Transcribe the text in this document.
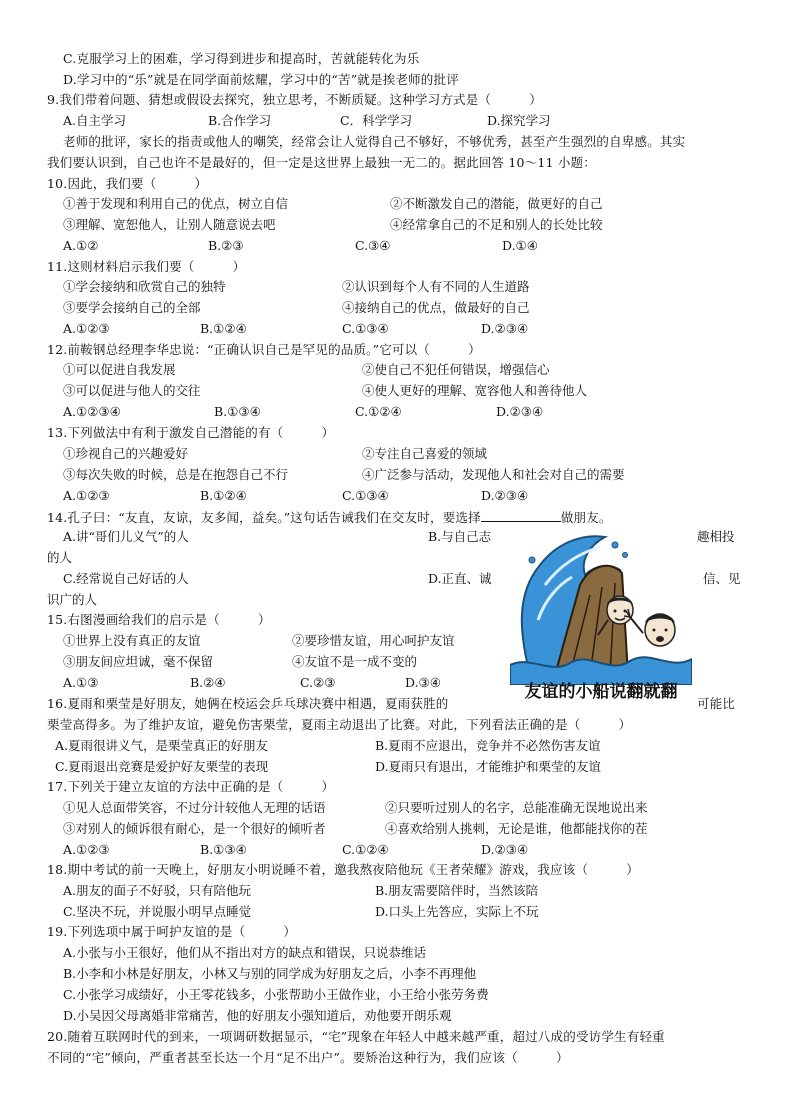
C.克服学习上的困难，学习得到进步和提高时，苦就能转化为乐
D.学习中的“乐”就是在同学面前炫耀，学习中的“苦”就是挨老师的批评
9.我们带着问题、猜想或假设去探究，独立思考，不断质疑。这种学习方式是（　　　）
A.自主学习	B.合作学习	C．科学学习	D.探究学习
老师的批评，家长的指责或他人的嘲笑，经常会让人觉得自己不够好，不够优秀，甚至产生强烈的自卑感。其实
我们要认识到，自己也许不是最好的，但一定是这世界上最独一无二的。据此回答 10～11 小题：
10.因此，我们要（　　　）
①善于发现和利用自己的优点，树立自信	②不断激发自己的潜能，做更好的自己
③理解、宽恕他人，让别人随意说去吧	④经常拿自己的不足和别人的长处比较
A.①②	B.②③	C.③④	D.①④
11.这则材料启示我们要（　　　）
①学会接纳和欣赏自己的独特	②认识到每个人有不同的人生道路
③要学会接纳自己的全部	④接纳自己的优点，做最好的自己
A.①②③	B.①②④	C.①③④	D.②③④
12.前鞍钢总经理李华忠说：“正确认识自己是罕见的品质。”它可以（　　　）
①可以促进自我发展	②使自己不犯任何错误，增强信心
③可以促进与他人的交往	④使人更好的理解、宽容他人和善待他人
A.①②③④	B.①③④	C.①②④	D.②③④
13.下列做法中有利于激发自己潜能的有（　　　）
①珍视自己的兴趣爱好	②专注自己喜爱的领域
③每次失败的时候，总是在抱怨自己不行	④广泛参与活动，发现他人和社会对自己的需要
A.①②③	B.①②④	C.①③④	D.②③④
14.孔子曰：“友直，友谅，友多闻，益矣。”这句话告诫我们在交友时，要选择	做朋友。
A.讲“哥们儿义气”的人	B.与自己志	趣相投
的人
C.经常说自己好话的人	D.正直、诚	信、见
识广的人
15.右图漫画给我们的启示是（　　　）
①世界上没有真正的友谊	②要珍惜友谊，用心呵护友谊
③朋友间应坦诚，毫不保留	④友谊不是一成不变的
A.①③	B.②④	C.②③	D.③④	友谊的小船说翻就翻
16.夏雨和栗莹是好朋友，她俩在校运会乒乓球决赛中相遇，夏雨获胜的	可能比
栗莹高得多。为了维护友谊，避免伤害栗莹，夏雨主动退出了比赛。对此，下列看法正确的是（　　　）
A.夏雨很讲义气，是栗莹真正的好朋友	B.夏雨不应退出，竞争并不必然伤害友谊
C.夏雨退出竞赛是爱护好友栗莹的表现	D.夏雨只有退出，才能维护和栗莹的友谊
17.下列关于建立友谊的方法中正确的是（　　　）
①见人总面带笑容，不过分计较他人无理的话语	②只要听过别人的名字，总能准确无误地说出来
③对别人的倾诉很有耐心，是一个很好的倾听者	④喜欢给别人挑刺，无论是谁，他都能找你的茬
A.①②③	B.①③④	C.①②④	D.②③④
18.期中考试的前一天晚上，好朋友小明说睡不着，邀我熬夜陪他玩《王者荣耀》游戏，我应该（　　　）
A.朋友的面子不好驳，只有陪他玩	B.朋友需要陪伴时，当然该陪
C.坚决不玩，并说服小明早点睡觉	D.口头上先答应，实际上不玩
19.下列选项中属于呵护友谊的是（　　　）
A.小张与小王很好，他们从不指出对方的缺点和错误，只说恭维话
B.小李和小林是好朋友，小林又与别的同学成为好朋友之后，小李不再理他
C.小张学习成绩好，小王零花钱多，小张帮助小王做作业，小王给小张劳务费
D.小吴因父母离婚非常痛苦，他的好朋友小强知道后，劝他要开朗乐观
20.随着互联网时代的到来，一项调研数据显示，“宅”现象在年轻人中越来越严重，超过八成的受访学生有轻重
不同的“宅”倾向，严重者甚至长达一个月“足不出户”。要矫治这种行为，我们应该（　　　）
